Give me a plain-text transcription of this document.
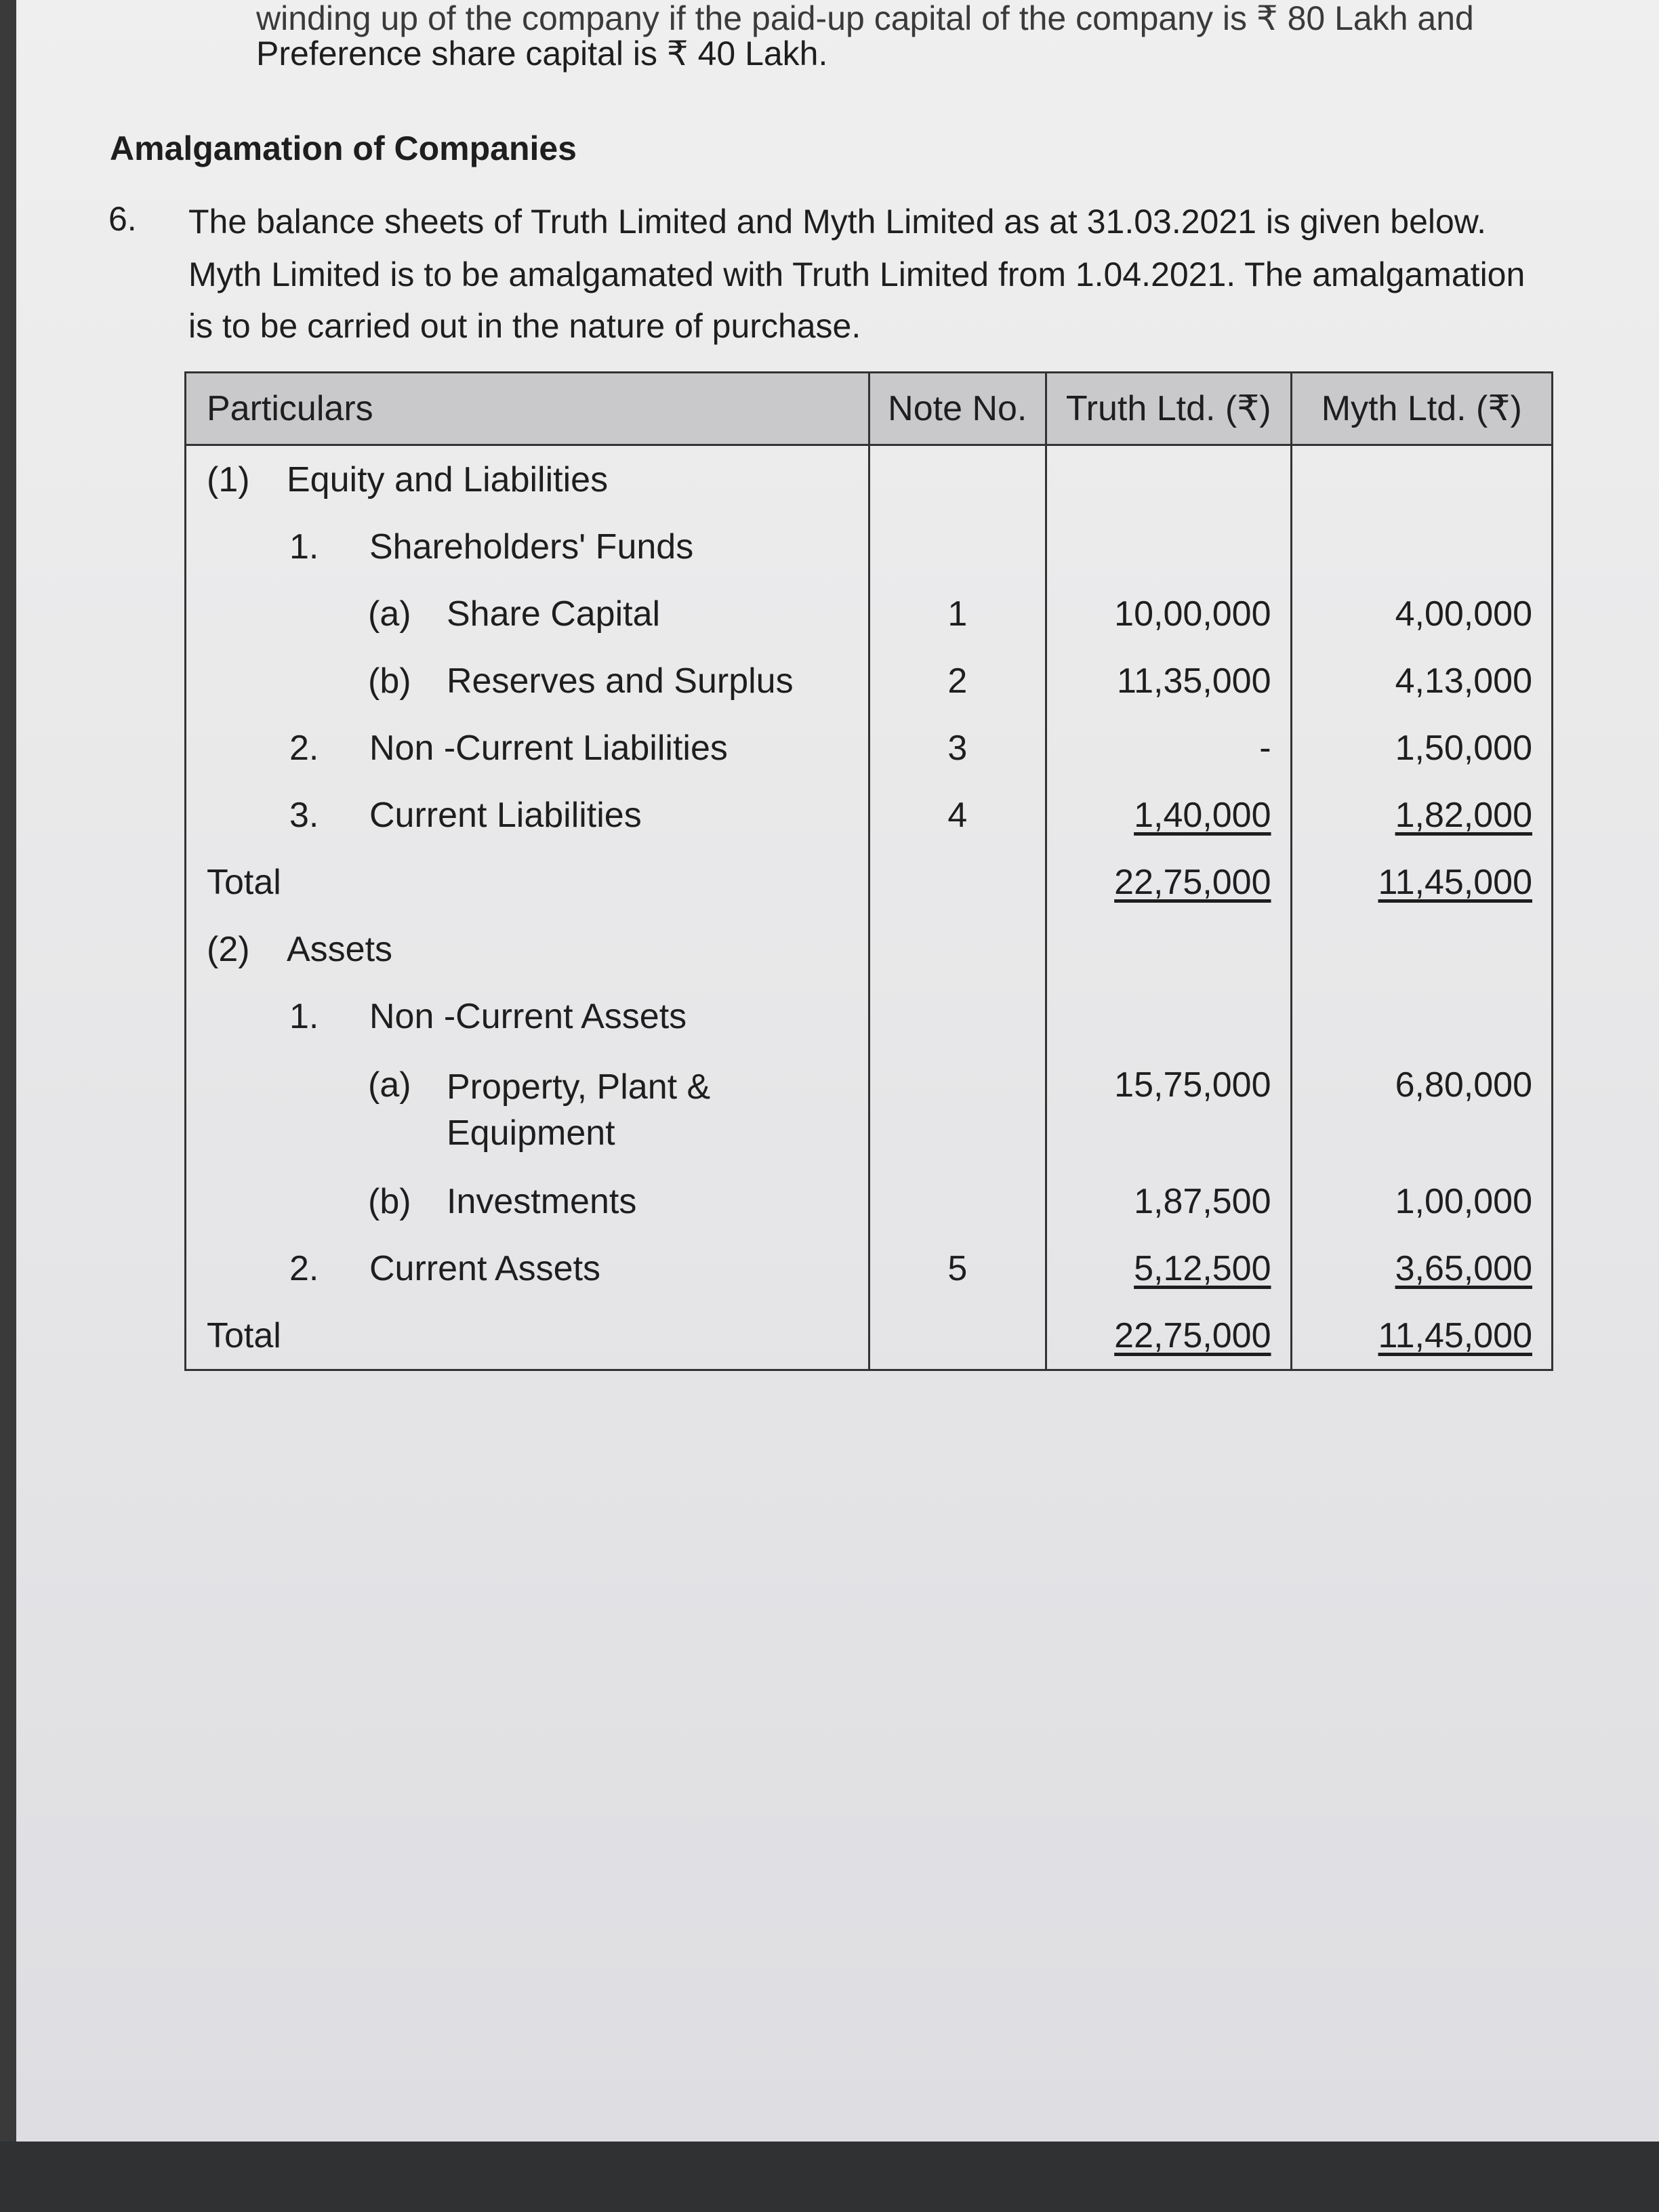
winding up of the company if the paid-up capital of the company is ₹ 80 Lakh and
Preference share capital is ₹ 40 Lakh.
Amalgamation of Companies
6. The balance sheets of Truth Limited and Myth Limited as at 31.03.2021 is given below.
Myth Limited is to be amalgamated with Truth Limited from 1.04.2021. The amalgamation
is to be carried out in the nature of purchase.
Particulars	Note No.	Truth Ltd. (₹)	Myth Ltd. (₹)
(1) Equity and Liabilities			
1. Shareholders' Funds			
(a) Share Capital	1	10,00,000	4,00,000
(b) Reserves and Surplus	2	11,35,000	4,13,000
2. Non -Current Liabilities	3	-	1,50,000
3. Current Liabilities	4	1,40,000	1,82,000
Total		22,75,000	11,45,000
(2) Assets			
1. Non -Current Assets			
(a) Property, Plant & Equipment		15,75,000	6,80,000
(b) Investments		1,87,500	1,00,000
2. Current Assets	5	5,12,500	3,65,000
Total		22,75,000	11,45,000
